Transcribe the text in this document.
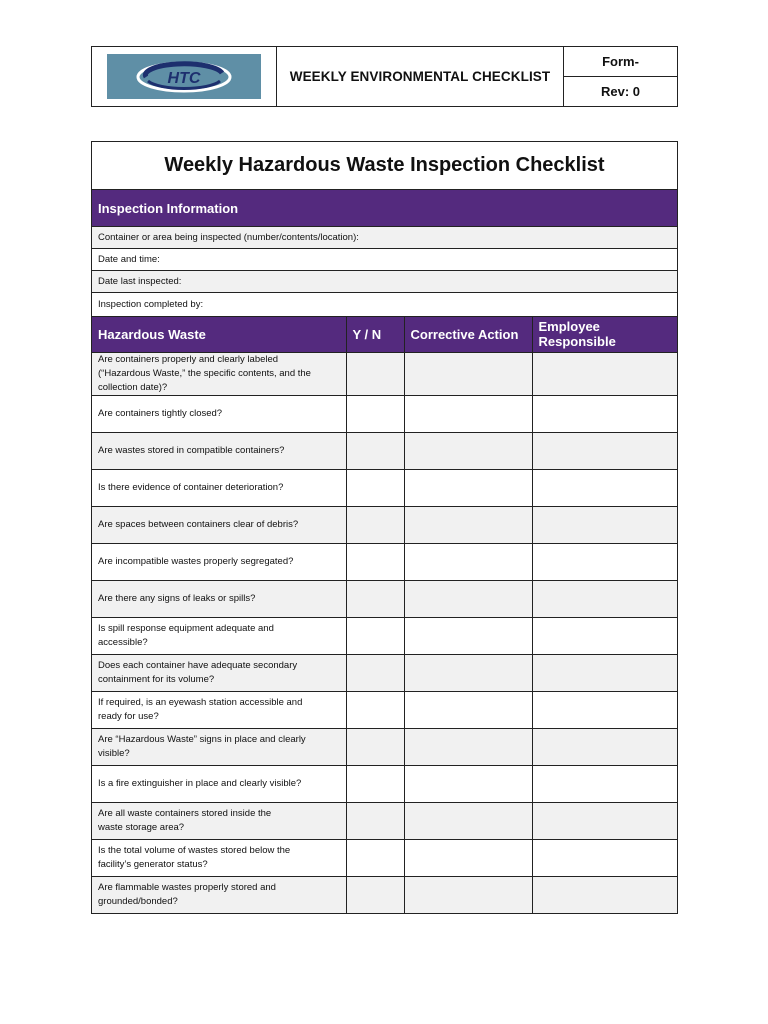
HTC	WEEKLY ENVIRONMENTAL CHECKLIST
Form-
Rev: 0
Weekly Hazardous Waste Inspection Checklist
Inspection Information
Container or area being inspected (number/contents/location):
Date and time:
Date last inspected:
Inspection completed by:
Hazardous Waste	Y / N	Corrective Action	Employee Responsible

Are containers properly and clearly labeled
(“Hazardous Waste,” the specific contents, and the
collection date)?			

Are containers tightly closed?			

Are wastes stored in compatible containers?			

Is there evidence of container deterioration?			

Are spaces between containers clear of debris?			

Are incompatible wastes properly segregated?			

Are there any signs of leaks or spills?			

Is spill response equipment adequate and
accessible?			

Does each container have adequate secondary
containment for its volume?			

If required, is an eyewash station accessible and
ready for use?			

Are “Hazardous Waste” signs in place and clearly
visible?			

Is a fire extinguisher in place and clearly visible?			

Are all waste containers stored inside the
waste storage area?			

Is the total volume of wastes stored below the
facility’s generator status?			

Are flammable wastes properly stored and
grounded/bonded?			
